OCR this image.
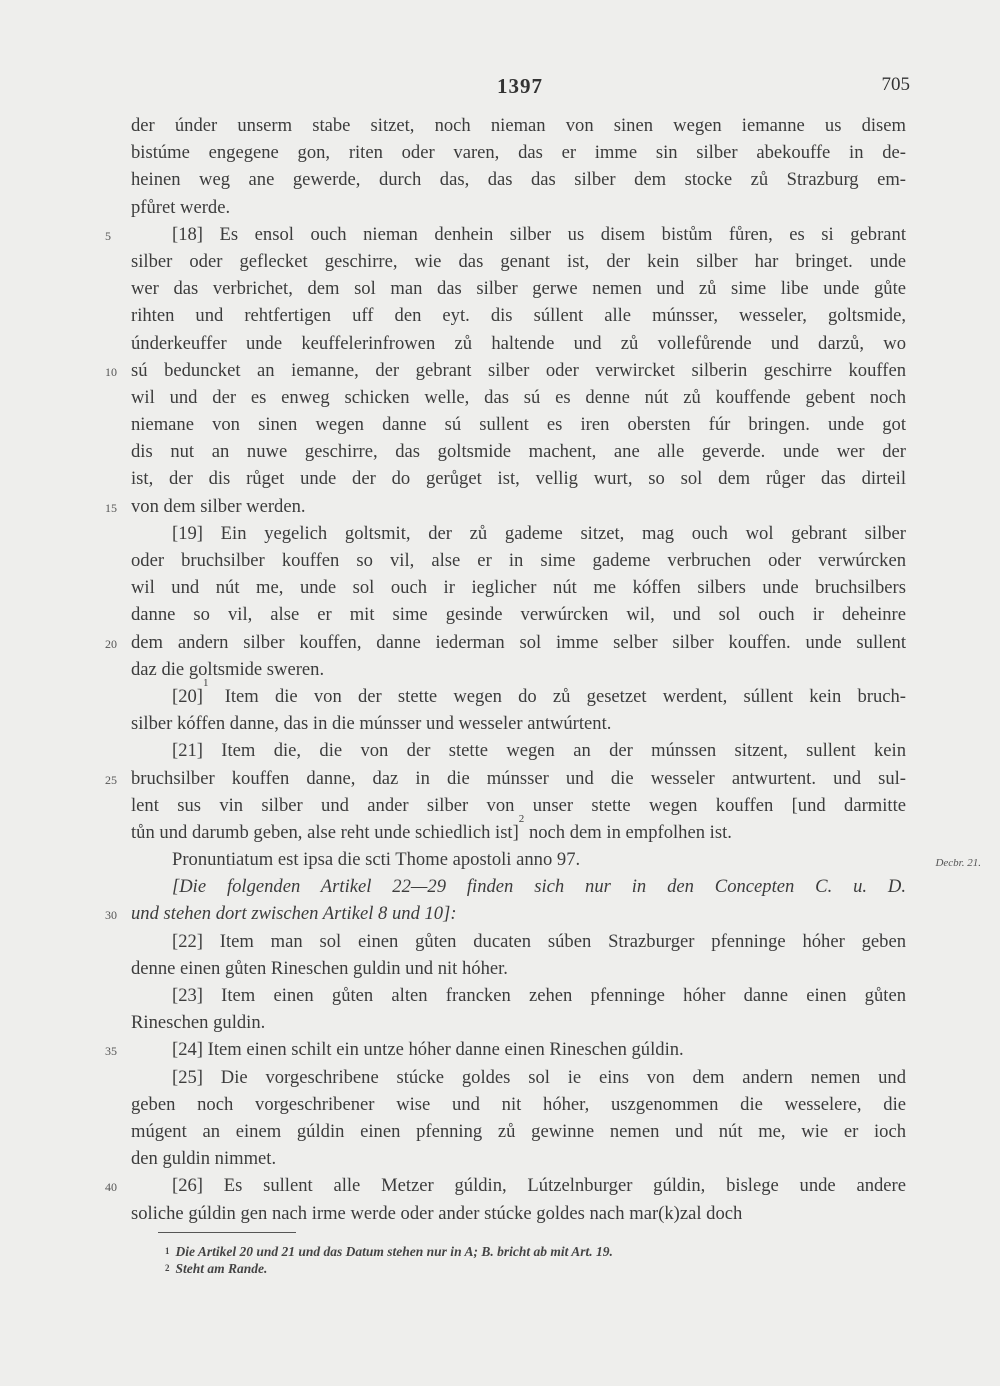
1397	705
der únder unserm stabe sitzet, noch nieman von sinen wegen iemanne us disem
bistúme engegene gon, riten oder varen, das er imme sin silber abekouffe in de-
heinen weg ane gewerde, durch das, das das silber dem stocke zů Strazburg em-
pfůret werde.
5	[18] Es ensol ouch nieman denhein silber us disem bistům fůren, es si gebrant
silber oder geflecket geschirre, wie das genant ist, der kein silber har bringet. unde
wer das verbrichet, dem sol man das silber gerwe nemen und zů sime libe unde gůte
rihten und rehtfertigen uff den eyt. dis súllent alle múnsser, wesseler, goltsmide,
únderkeuffer unde keuffelerinfrowen zů haltende und zů vollefůrende und darzů, wo
10 sú beduncket an iemanne, der gebrant silber oder verwircket silberin geschirre kouffen
wil und der es enweg schicken welle, das sú es denne nút zů kouffende gebent noch
niemane von sinen wegen danne sú sullent es iren obersten fúr bringen. unde got
dis nut an nuwe geschirre, das goltsmide machent, ane alle geverde. unde wer der
ist, der dis růget unde der do gerůget ist, vellig wurt, so sol dem růger das dirteil
15 von dem silber werden.
[19] Ein yegelich goltsmit, der zů gademe sitzet, mag ouch wol gebrant silber
oder bruchsilber kouffen so vil, alse er in sime gademe verbruchen oder verwúrcken
wil und nút me, unde sol ouch ir ieglicher nút me kóffen silbers unde bruchsilbers
danne so vil, alse er mit sime gesinde verwúrcken wil, und sol ouch ir deheinre
20 dem andern silber kouffen, danne iederman sol imme selber silber kouffen. unde sullent
daz die goltsmide sweren.
$[20]^1$ Item die von der stette wegen do zů gesetzet werdent, súllent kein bruch-
silber kóffen danne, das in die múnsser und wesseler antwúrtent.
[21] Item die, die von der stette wegen an der múnssen sitzent, sullent kein
25 bruchsilber kouffen danne, daz in die múnsser und die wesseler antwurtent. und sul-
lent sus vin silber und ander silber von unser stette wegen kouffen [und darmitte
tůn und darumb geben, alse reht unde schiedlich ist]$^2$ noch dem in empfolhen ist.
Pronuntiatum est ipsa die scti Thome apostoli anno 97.	Decbr. 21.
[Die folgenden Artikel 22—29 finden sich nur in den Concepten C. u. D.
30 und stehen dort zwischen Artikel 8 und 10]:
[22] Item man sol einen gůten ducaten súben Strazburger pfenninge hóher geben
denne einen gůten Rineschen guldin und nit hóher.
[23] Item einen gůten alten francken zehen pfenninge hóher danne einen gůten
Rineschen guldin.
35	[24] Item einen schilt ein untze hóher danne einen Rineschen gúldin.
[25] Die vorgeschribene stúcke goldes sol ie eins von dem andern nemen und
geben noch vorgeschribener wise und nit hóher, uszgenommen die wesselere, die
múgent an einem gúldin einen pfenning zů gewinne nemen und nút me, wie er ioch
den guldin nimmet.
40	[26] Es sullent alle Metzer gúldin, Lútzelnburger gúldin, bislege unde andere
soliche gúldin gen nach irme werde oder ander stúcke goldes nach mar(k)zal doch
$^1$ Die Artikel 20 und 21 und das Datum stehen nur in A; B. bricht ab mit Art. 19.
$^2$ Steht am Rande.
